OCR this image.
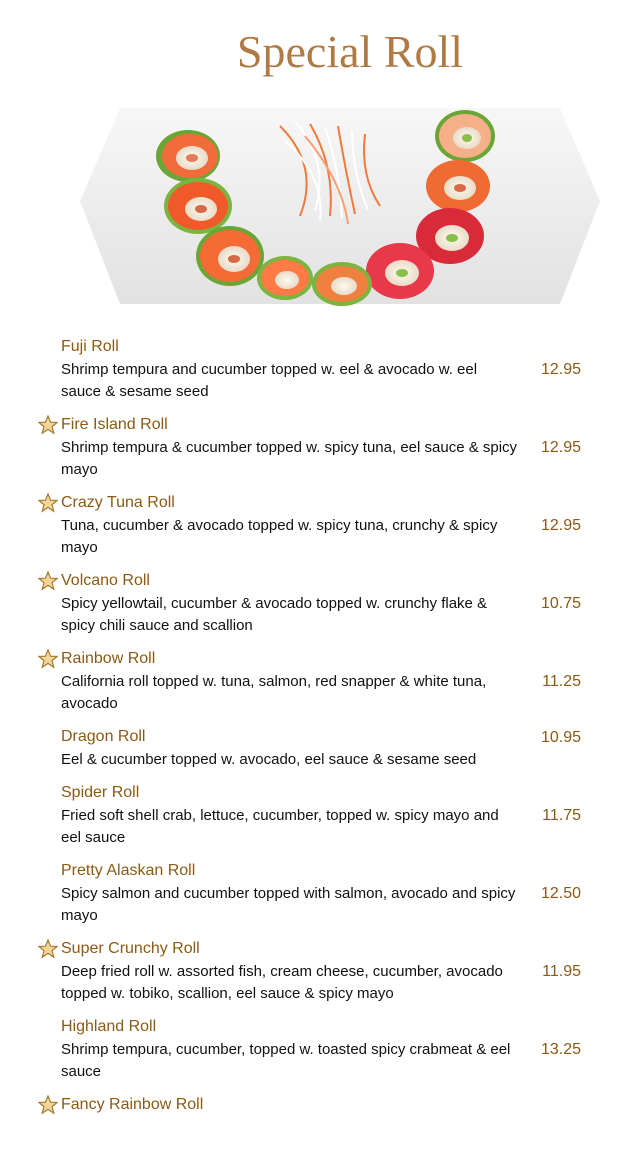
Special Roll
Fuji Roll
Shrimp tempura and cucumber topped w. eel & avocado w. eel sauce & sesame seed
12.95
Fire Island Roll
Shrimp tempura & cucumber topped w. spicy tuna, eel sauce & spicy mayo
12.95
Crazy Tuna Roll
Tuna, cucumber & avocado topped w. spicy tuna, crunchy & spicy mayo
12.95
Volcano Roll
Spicy yellowtail, cucumber & avocado topped w. crunchy flake & spicy chili sauce and scallion
10.75
Rainbow Roll
California roll topped w. tuna, salmon, red snapper & white tuna, avocado
11.25
Dragon Roll
Eel & cucumber topped w. avocado, eel sauce & sesame seed
10.95
Spider Roll
Fried soft shell crab, lettuce, cucumber, topped w. spicy mayo and eel sauce
11.75
Pretty Alaskan Roll
Spicy salmon and cucumber topped with salmon, avocado and spicy mayo
12.50
Super Crunchy Roll
Deep fried roll w. assorted fish, cream cheese, cucumber, avocado topped w. tobiko, scallion, eel sauce & spicy mayo
11.95
Highland Roll
Shrimp tempura, cucumber, topped w. toasted spicy crabmeat & eel sauce
13.25
Fancy Rainbow Roll
